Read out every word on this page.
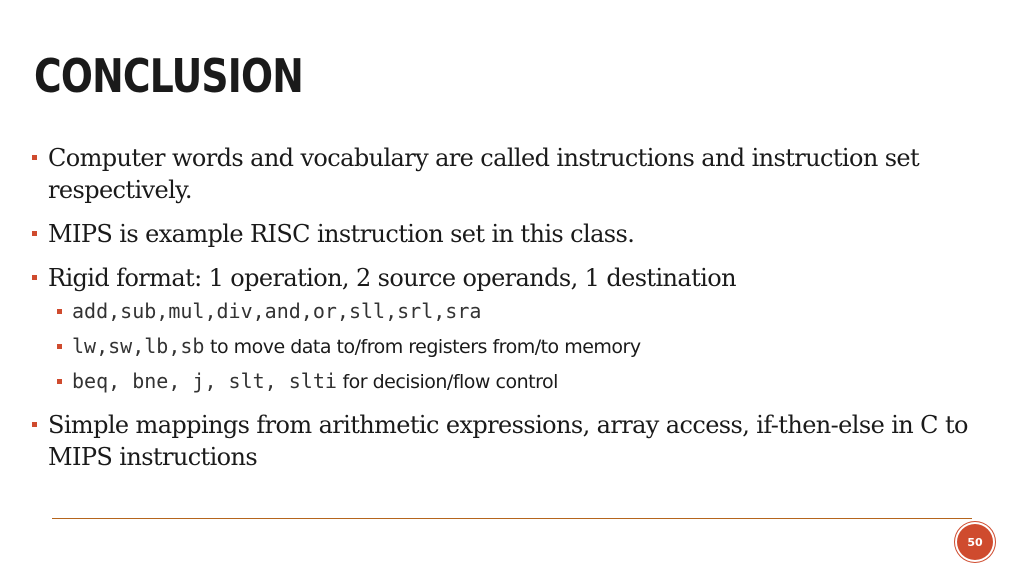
CONCLUSION
Computer words and vocabulary are called instructions and instruction set respectively.
MIPS is example RISC instruction set in this class.
Rigid format: 1 operation, 2 source operands, 1 destination
add,sub,mul,div,and,or,sll,srl,sra
lw,sw,lb,sb to move data to/from registers from/to memory
beq, bne, j, slt, slti for decision/flow control
Simple mappings from arithmetic expressions, array access, if-then-else in C to MIPS instructions
50
